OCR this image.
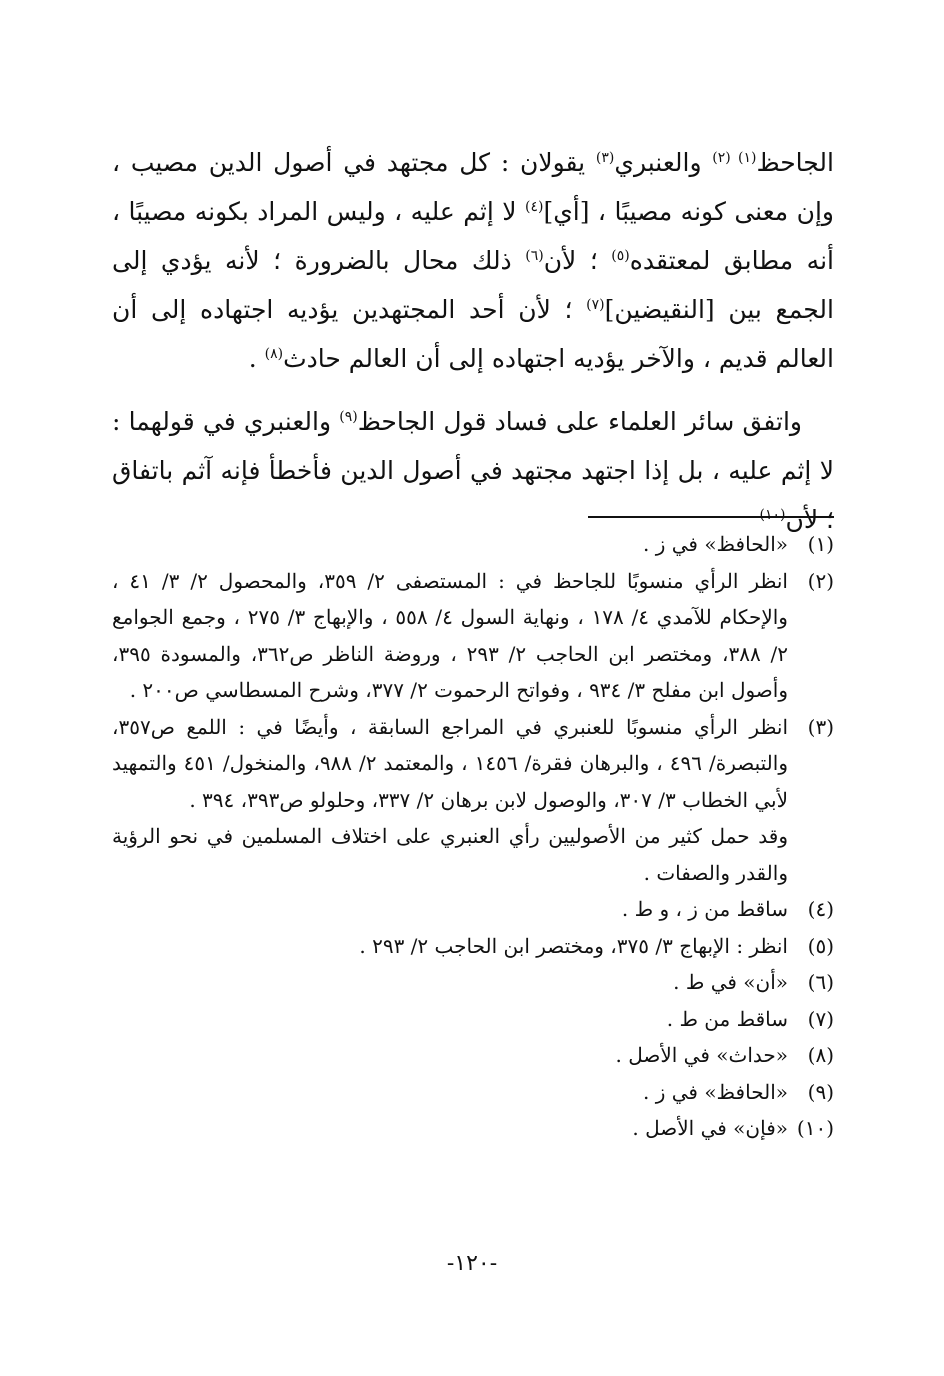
الجاحظ$^{(١)}$ $^{(٢)}$ والعنبري$^{(٣)}$ يقولان : كل مجتهد في أصول الدين مصيب ، وإن معنى كونه مصيبًا ، [أي]$^{(٤)}$ لا إثم عليه ، وليس المراد بكونه مصيبًا ، أنه مطابق لمعتقده$^{(٥)}$ ؛ لأن$^{(٦)}$ ذلك محال بالضرورة ؛ لأنه يؤدي إلى الجمع بين [النقيضين]$^{(٧)}$ ؛ لأن أحد المجتهدين يؤديه اجتهاده إلى أن العالم قديم ، والآخر يؤديه اجتهاده إلى أن العالم حادث$^{(٨)}$ .

واتفق سائر العلماء على فساد قول الجاحظ$^{(٩)}$ والعنبري في قولهما : لا إثم عليه ، بل إذا اجتهد مجتهد في أصول الدين فأخطأ فإنه آثم باتفاق ؛ لأن$^{(١٠)}$

(١)
«الحافظ» في ز .
(٢)
انظر الرأي منسوبًا للجاحظ في : المستصفى ٢/ ٣٥٩، والمحصول ٢/ ٣/ ٤١ ، والإحكام للآمدي ٤/ ١٧٨ ، ونهاية السول ٤/ ٥٥٨ ، والإبهاج ٣/ ٢٧٥ ، وجمع الجوامع ٢/ ٣٨٨، ومختصر ابن الحاجب ٢/ ٢٩٣ ، وروضة الناظر ص٣٦٢، والمسودة ٣٩٥، وأصول ابن مفلح ٣/ ٩٣٤ ، وفواتح الرحموت ٢/ ٣٧٧، وشرح المسطاسي ص٢٠٠ .
(٣)
انظر الرأي منسوبًا للعنبري في المراجع السابقة ، وأيضًا في : اللمع ص٣٥٧، والتبصرة/ ٤٩٦ ، والبرهان فقرة/ ١٤٥٦ ، والمعتمد ٢/ ٩٨٨، والمنخول/ ٤٥١ والتمهيد لأبي الخطاب ٣/ ٣٠٧، والوصول لابن برهان ٢/ ٣٣٧، وحلولو ص٣٩٣، ٣٩٤ .
وقد حمل كثير من الأصوليين رأي العنبري على اختلاف المسلمين في نحو الرؤية والقدر والصفات .
(٤)
ساقط من ز ، و ط .
(٥)
انظر : الإبهاج ٣/ ٣٧٥، ومختصر ابن الحاجب ٢/ ٢٩٣ .
(٦)
«أن» في ط .
(٧)
ساقط من ط .
(٨)
«حداث» في الأصل .
(٩)
«الحافظ» في ز .
(١٠)
«فإن» في الأصل .
-١٢٠-
